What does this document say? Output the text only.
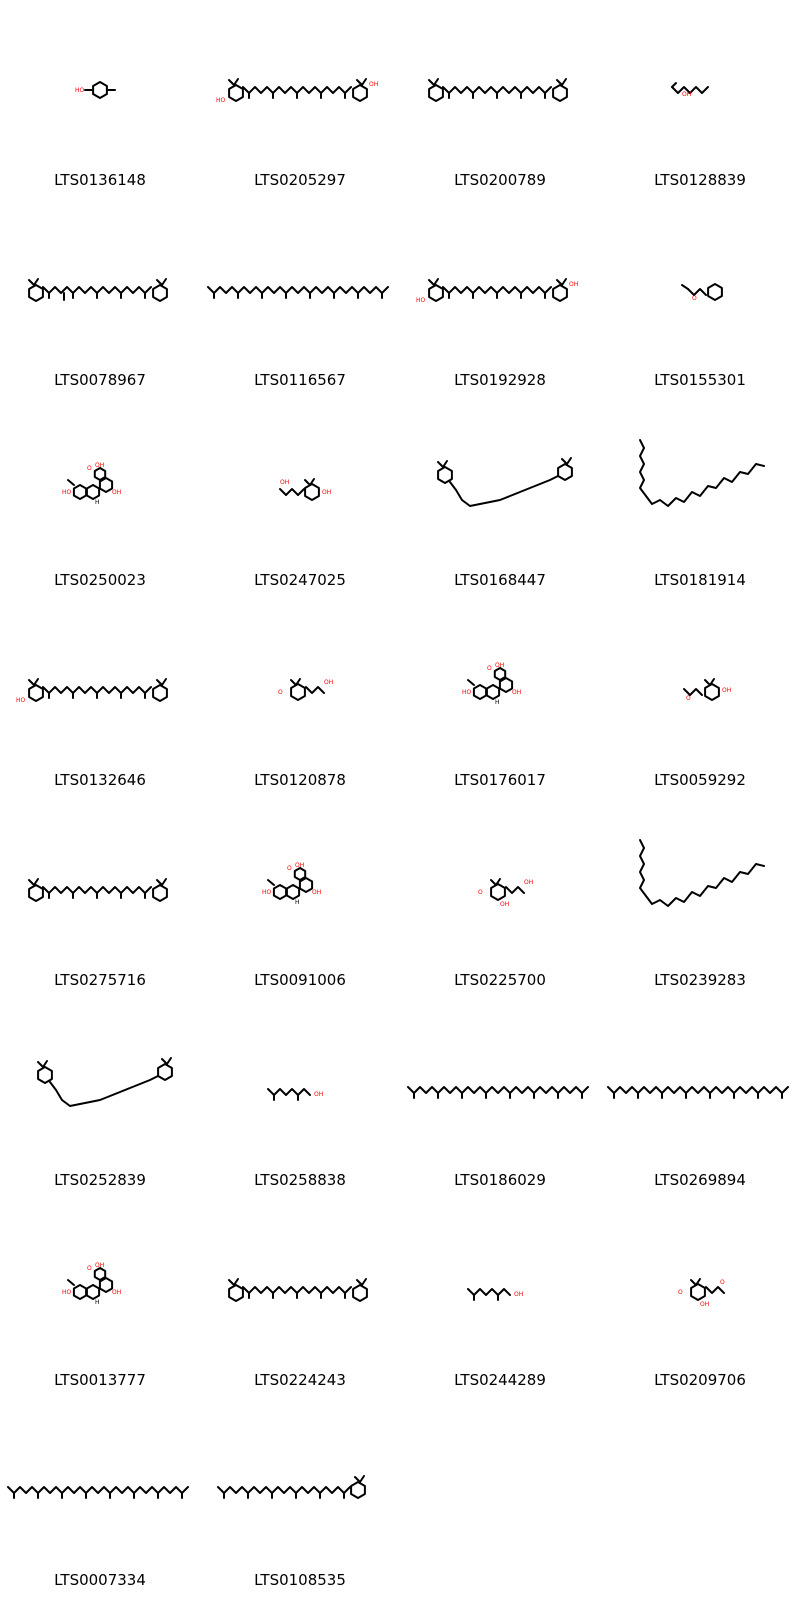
HO
LTS0136148
HO
OH
LTS0205297	LTS0200789
OH
LTS0128839
LTS0078967	LTS0116567
HO
OH
LTS0192928
O
LTS0155301
HO	OH
O OH
H
LTS0250023
OH
OH
LTS0247025	LTS0168447	LTS0181914
HO
LTS0132646
O
OH
LTS0120878
HO	OH
O OH
H
LTS0176017
O
OH
LTS0059292
LTS0275716
HO	OH
O OH
H
LTS0091006
O
OH
OH
LTS0225700	LTS0239283
LTS0252839
OH
LTS0258838	LTS0186029	LTS0269894
HO	OH
O OH
H
LTS0013777	LTS0224243
OH
LTS0244289
O
O
OH
LTS0209706
LTS0007334	LTS0108535
